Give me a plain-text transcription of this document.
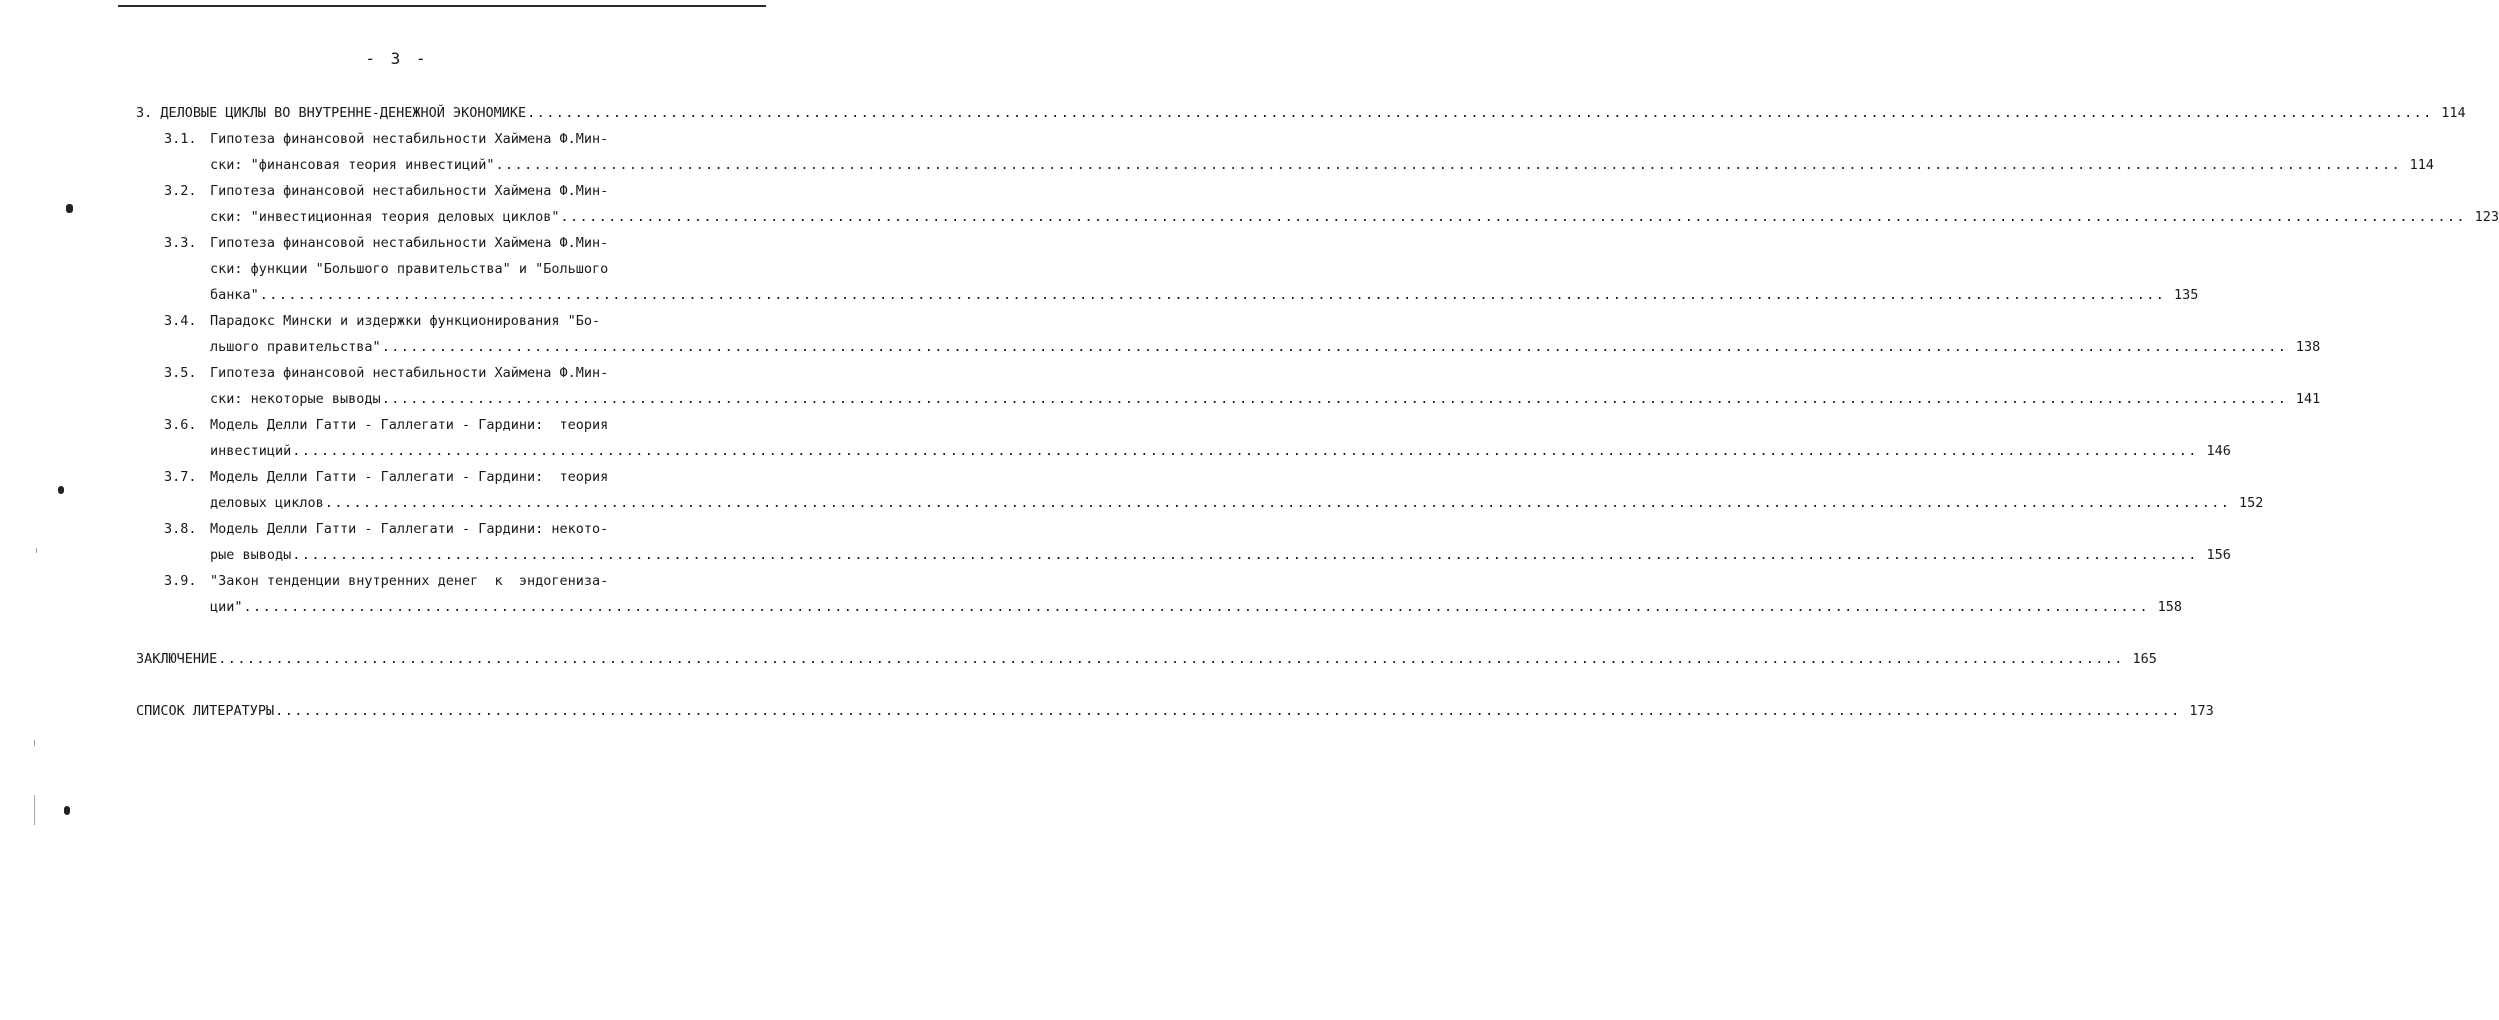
- 3 -
3. ДЕЛОВЫЕ ЦИКЛЫ ВО ВНУТРЕННЕ-ДЕНЕЖНОЙ ЭКОНОМИКЕ ........................................................................................................................................................................................................ 114
3.1. Гипотеза финансовой нестабильности Хаймена Ф.Мин-
ски: "финансовая теория инвестиций" ........................................................................................................................................................................................................ 114
3.2. Гипотеза финансовой нестабильности Хаймена Ф.Мин-
ски: "инвестиционная теория деловых циклов" ........................................................................................................................................................................................................ 123
3.3. Гипотеза финансовой нестабильности Хаймена Ф.Мин-
ски: функции "Большого правительства" и "Большого
банка" ........................................................................................................................................................................................................ 135
3.4. Парадокс Мински и издержки функционирования "Бо-
льшого правительства" ........................................................................................................................................................................................................ 138
3.5. Гипотеза финансовой нестабильности Хаймена Ф.Мин-
ски: некоторые выводы ........................................................................................................................................................................................................ 141
3.6. Модель Делли Гатти - Галлегати - Гардини:  теория
инвестиций ........................................................................................................................................................................................................ 146
3.7. Модель Делли Гатти - Галлегати - Гардини:  теория
деловых циклов ........................................................................................................................................................................................................ 152
3.8. Модель Делли Гатти - Галлегати - Гардини: некото-
рые выводы ........................................................................................................................................................................................................ 156
3.9. "Закон тенденции внутренних денег  к  эндогениза-
ции" ........................................................................................................................................................................................................ 158
ЗАКЛЮЧЕНИЕ ........................................................................................................................................................................................................ 165
СПИСОК ЛИТЕРАТУРЫ ........................................................................................................................................................................................................ 173
